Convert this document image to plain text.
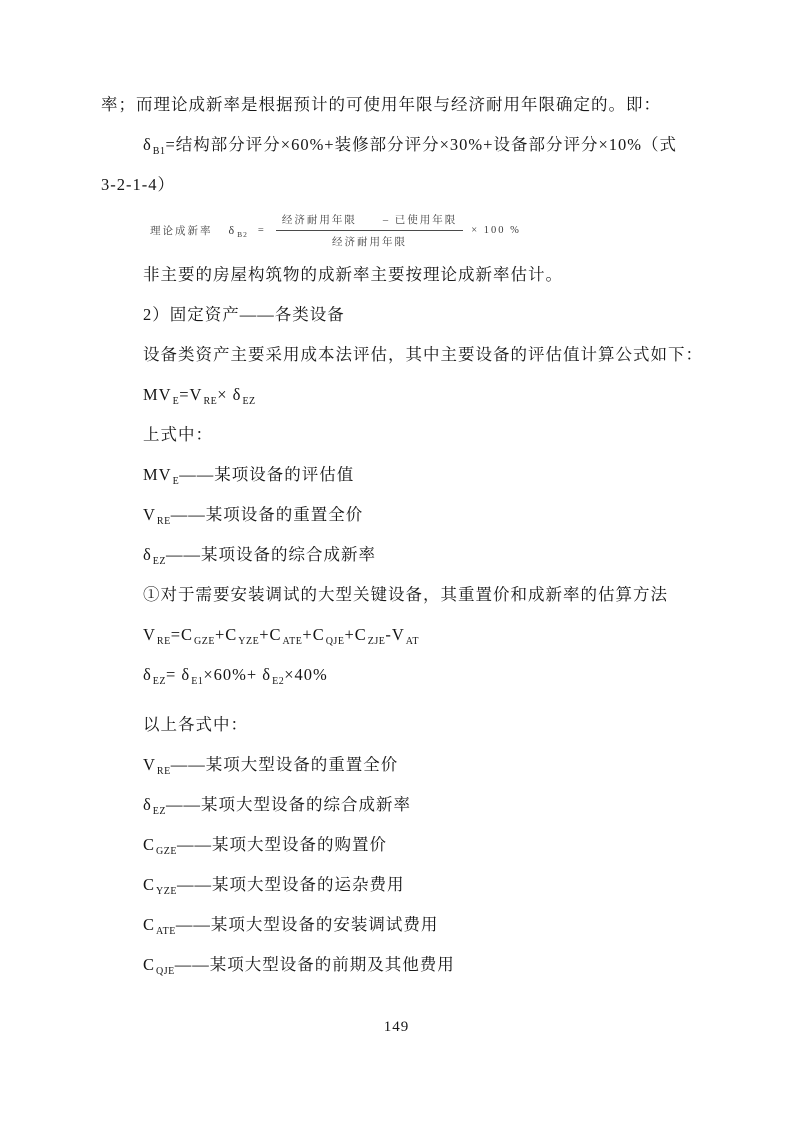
率；而理论成新率是根据预计的可使用年限与经济耐用年限确定的。即：
$\delta_{B1}=$结构部分评分×60%+装修部分评分×30%+设备部分评分×10%（式
3-2-1-4）
理论成新率 δ $_{B2} = \frac{\text{经济耐用年限 – 已使用年限}}{\text{经济耐用年限}} \times 100$ %
非主要的房屋构筑物的成新率主要按理论成新率估计。
2）固定资产——各类设备
设备类资产主要采用成本法评估，其中主要设备的评估值计算公式如下：
$MV_E=V_{RE}\times \delta_{EZ}$
上式中：
$MV_E——$某项设备的评估值
$V_{RE}——$某项设备的重置全价
$\delta_{EZ}——$某项设备的综合成新率
①对于需要安装调试的大型关键设备，其重置价和成新率的估算方法
$V_{RE}=C_{GZE}+C_{YZE}+C_{ATE}+C_{QJE}+C_{ZJE}-V_{AT}$
$\delta_{EZ}= \delta_{E1}\times 60\%+ \delta_{E2}\times 40\%$
以上各式中：
$V_{RE}——$某项大型设备的重置全价
$\delta_{EZ}——$某项大型设备的综合成新率
$C_{GZE}——$某项大型设备的购置价
$C_{YZE}——$某项大型设备的运杂费用
$C_{ATE}——$某项大型设备的安装调试费用
$C_{QJE}——$某项大型设备的前期及其他费用
149
